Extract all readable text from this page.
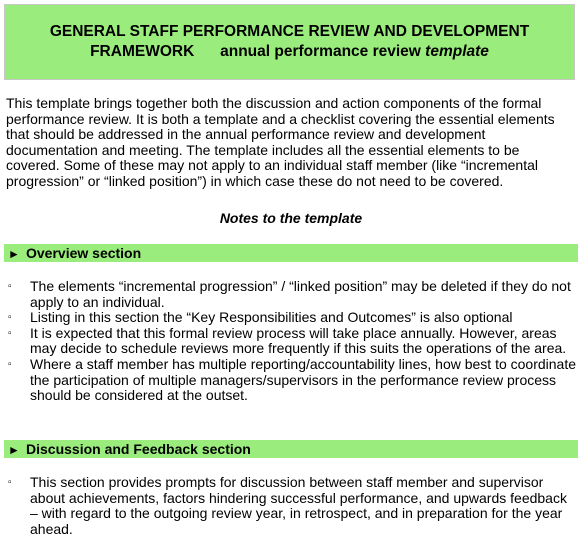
GENERAL STAFF PERFORMANCE REVIEW AND DEVELOPMENT
FRAMEWORK annual performance review template

This template brings together both the discussion and action components of the formal performance review. It is both a template and a checklist covering the essential elements that should be addressed in the annual performance review and development documentation and meeting. The template includes all the essential elements to be covered. Some of these may not apply to an individual staff member (like “incremental progression” or “linked position”) in which case these do not need to be covered.

Notes to the template

► Overview section
▫ The elements “incremental progression” / “linked position” may be deleted if they do not apply to an individual.
▫ Listing in this section the “Key Responsibilities and Outcomes” is also optional
▫ It is expected that this formal review process will take place annually. However, areas may decide to schedule reviews more frequently if this suits the operations of the area.
▫ Where a staff member has multiple reporting/accountability lines, how best to coordinate the participation of multiple managers/supervisors in the performance review process should be considered at the outset.
► Discussion and Feedback section
▫ This section provides prompts for discussion between staff member and supervisor about achievements, factors hindering successful performance, and upwards feedback – with regard to the outgoing review year, in retrospect, and in preparation for the year ahead.
